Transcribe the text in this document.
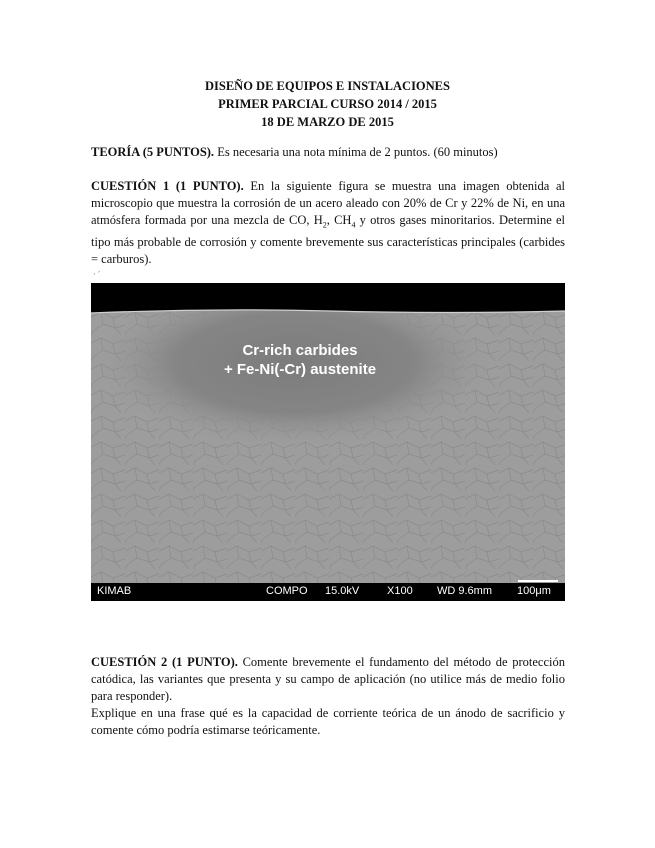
DISEÑO DE EQUIPOS E INSTALACIONES
PRIMER PARCIAL CURSO 2014 / 2015
18 DE MARZO DE 2015
TEORÍA (5 PUNTOS). Es necesaria una nota mínima de 2 puntos. (60 minutos)
CUESTIÓN 1 (1 PUNTO). En la siguiente figura se muestra una imagen obtenida al microscopio que muestra la corrosión de un acero aleado con 20% de Cr y 22% de Ni, en una atmósfera formada por una mezcla de CO, $H_2$, $CH_4$ y otros gases minoritarios. Determine el tipo más probable de corrosión y comente brevemente sus características principales (carbides = carburos).
· ´
Cr-rich carbides
+ Fe-Ni(-Cr) austenite
KIMAB	COMPO 15.0kV	X100 WD 9.6mm 100μm
CUESTIÓN 2 (1 PUNTO). Comente brevemente el fundamento del método de protección catódica, las variantes que presenta y su campo de aplicación (no utilice más de medio folio para responder).
Explique en una frase qué es la capacidad de corriente teórica de un ánodo de sacrificio y comente cómo podría estimarse teóricamente.
